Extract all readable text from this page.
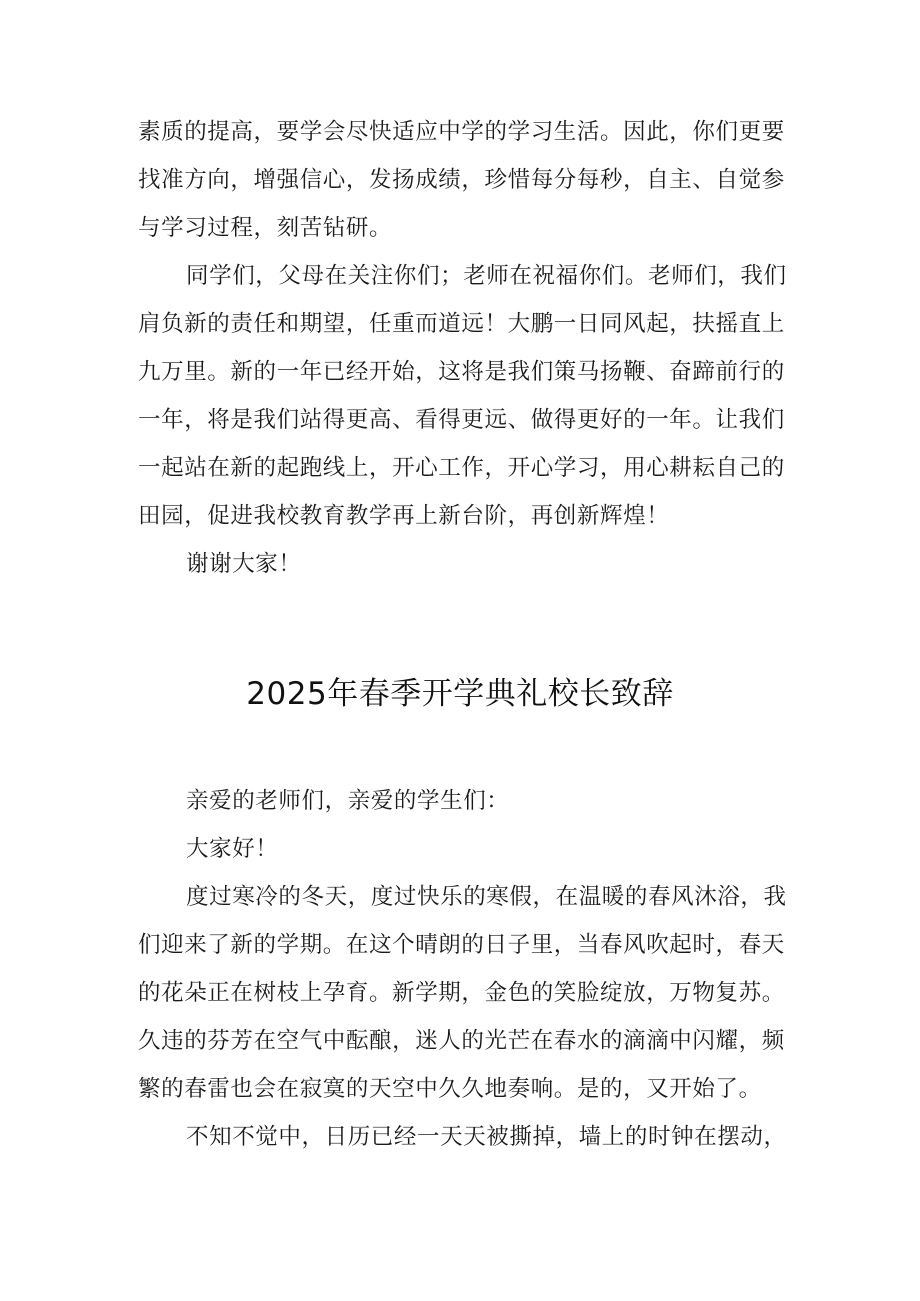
素质的提高，要学会尽快适应中学的学习生活。因此，你们更要找准方向，增强信心，发扬成绩，珍惜每分每秒，自主、自觉参与学习过程，刻苦钻研。

同学们，父母在关注你们；老师在祝福你们。老师们，我们肩负新的责任和期望，任重而道远！大鹏一日同风起，扶摇直上九万里。新的一年已经开始，这将是我们策马扬鞭、奋蹄前行的一年，将是我们站得更高、看得更远、做得更好的一年。让我们一起站在新的起跑线上，开心工作，开心学习，用心耕耘自己的田园，促进我校教育教学再上新台阶，再创新辉煌！

谢谢大家！

2025年春季开学典礼校长致辞

亲爱的老师们，亲爱的学生们：

大家好！

度过寒冷的冬天，度过快乐的寒假，在温暖的春风沐浴，我们迎来了新的学期。在这个晴朗的日子里，当春风吹起时，春天的花朵正在树枝上孕育。新学期，金色的笑脸绽放，万物复苏。久违的芬芳在空气中酝酿，迷人的光芒在春水的滴滴中闪耀，频繁的春雷也会在寂寞的天空中久久地奏响。是的，又开始了。

不知不觉中，日历已经一天天被撕掉，墙上的时钟在摆动，
